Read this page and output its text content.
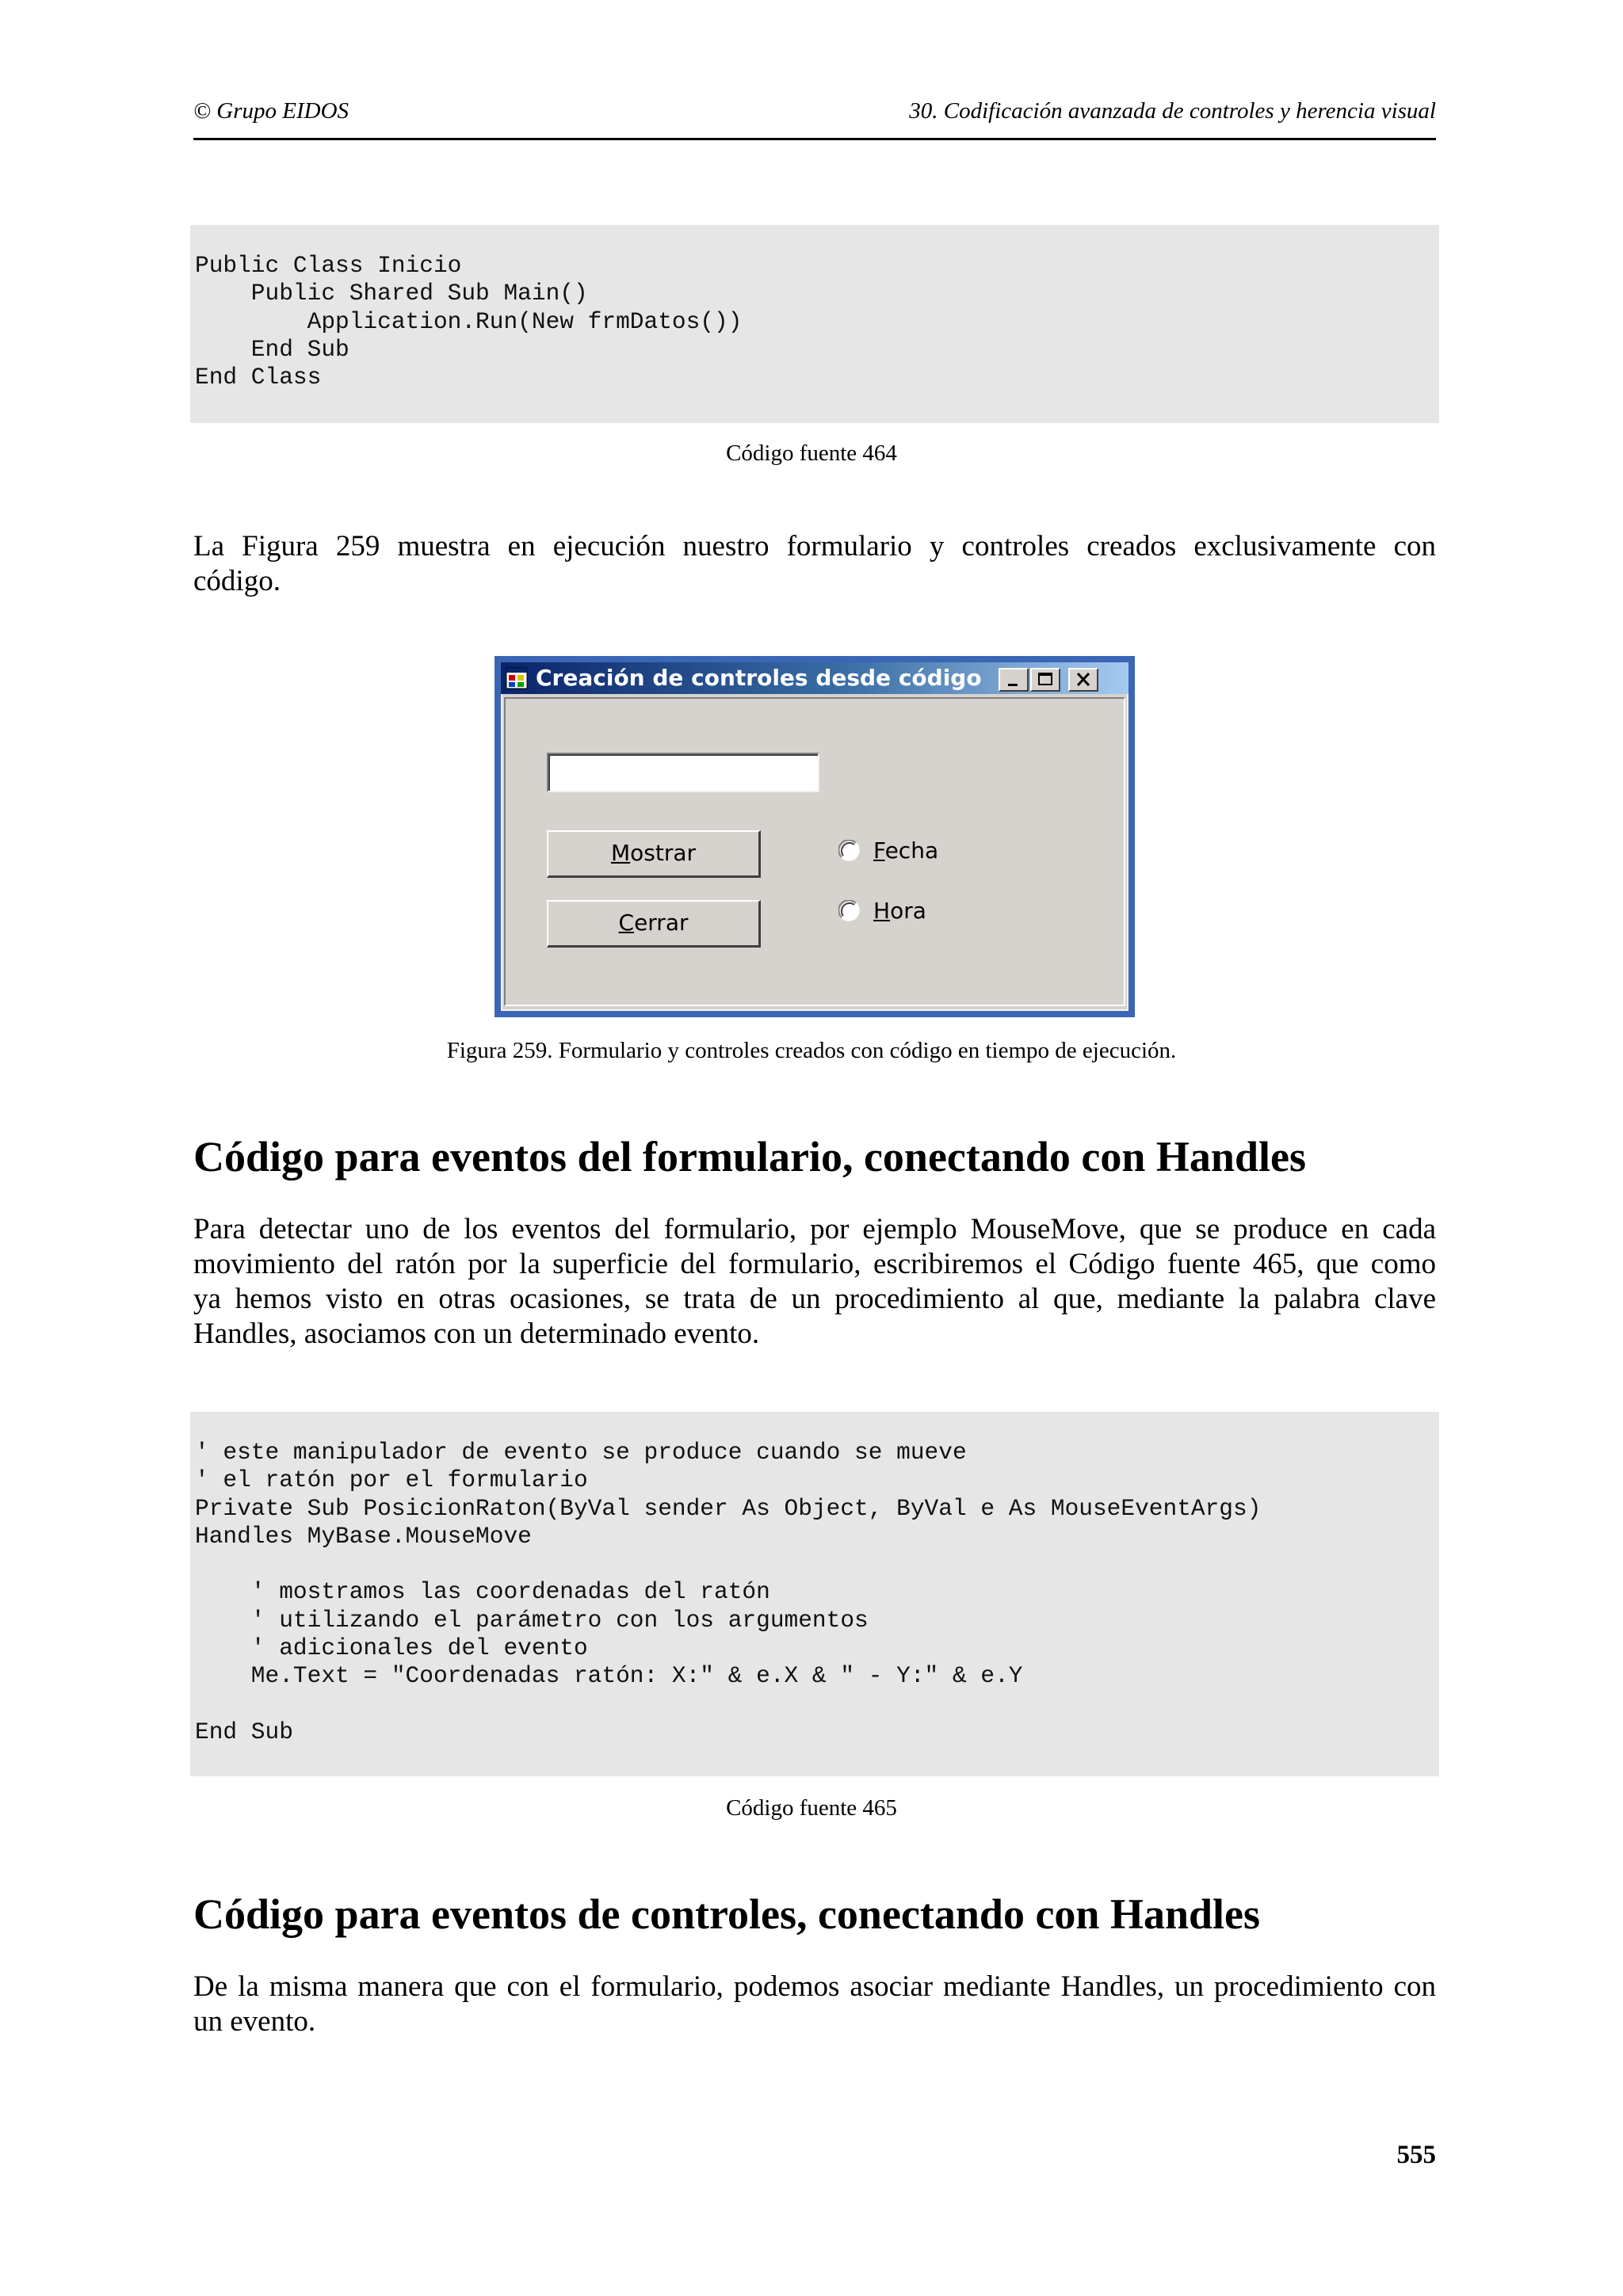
© Grupo EIDOS	30. Codificación avanzada de controles y herencia visual
Public Class Inicio
Public Shared Sub Main()
Application.Run(New frmDatos())
End Sub
End Class
Código fuente 464
La Figura 259 muestra en ejecución nuestro formulario y controles creados exclusivamente con
código.
Creación de controles desde código
Mostrar
Cerrar
Fecha
Hora
Figura 259. Formulario y controles creados con código en tiempo de ejecución.
Código para eventos del formulario, conectando con Handles
Para detectar uno de los eventos del formulario, por ejemplo MouseMove, que se produce en cada
movimiento del ratón por la superficie del formulario, escribiremos el Código fuente 465, que como
ya hemos visto en otras ocasiones, se trata de un procedimiento al que, mediante la palabra clave
Handles, asociamos con un determinado evento.
' este manipulador de evento se produce cuando se mueve
' el ratón por el formulario
Private Sub PosicionRaton(ByVal sender As Object, ByVal e As MouseEventArgs)
Handles MyBase.MouseMove
' mostramos las coordenadas del ratón
' utilizando el parámetro con los argumentos
' adicionales del evento
Me.Text = "Coordenadas ratón: X:" & e.X & " - Y:" & e.Y
End Sub
Código fuente 465
Código para eventos de controles, conectando con Handles
De la misma manera que con el formulario, podemos asociar mediante Handles, un procedimiento con
un evento.
555
